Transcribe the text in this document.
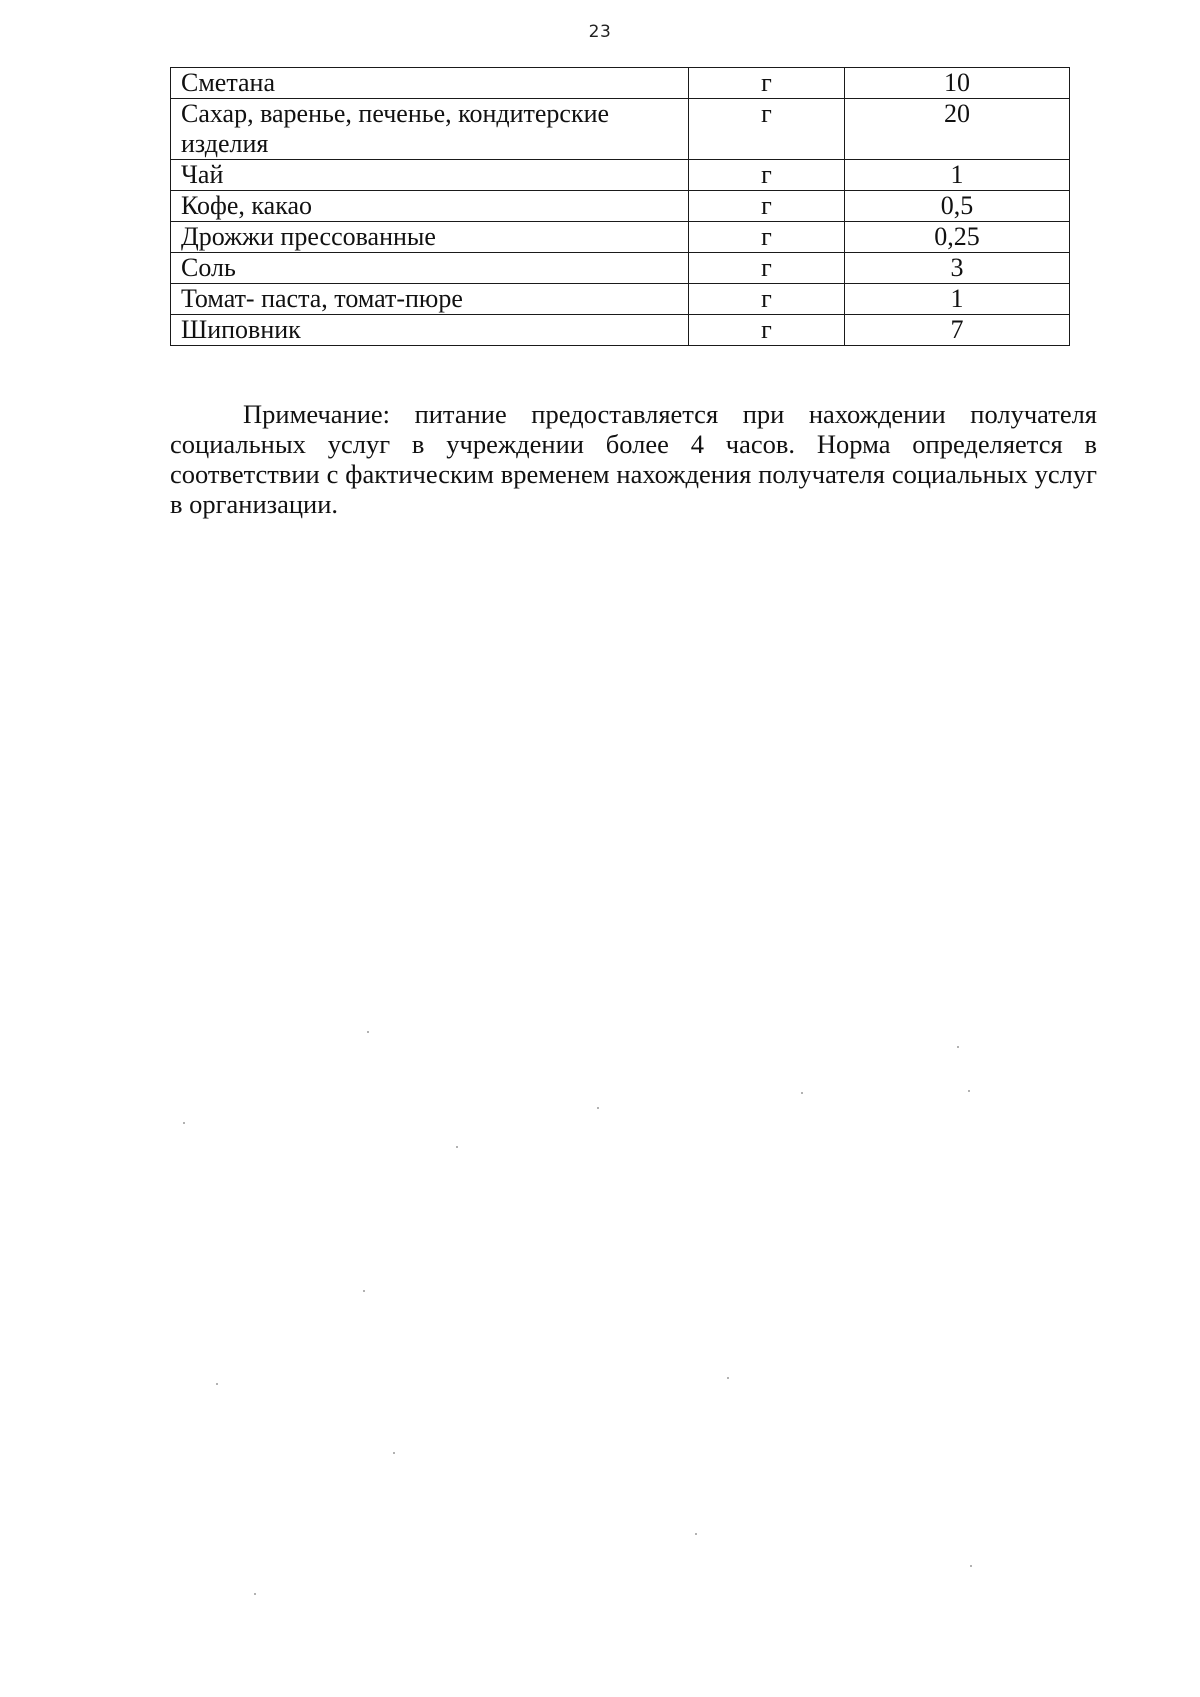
23
Сметана	г	10
Сахар, варенье, печенье, кондитерские изделия	г	20
Чай	г	1
Кофе, какао	г	0,5
Дрожжи прессованные	г	0,25
Соль	г	3
Томат- паста, томат-пюре	г	1
Шиповник	г	7

Примечание: питание предоставляется при нахождении получателя социальных услуг в учреждении более 4 часов. Норма определяется в соответствии с фактическим временем нахождения получателя социальных услуг в организации.
